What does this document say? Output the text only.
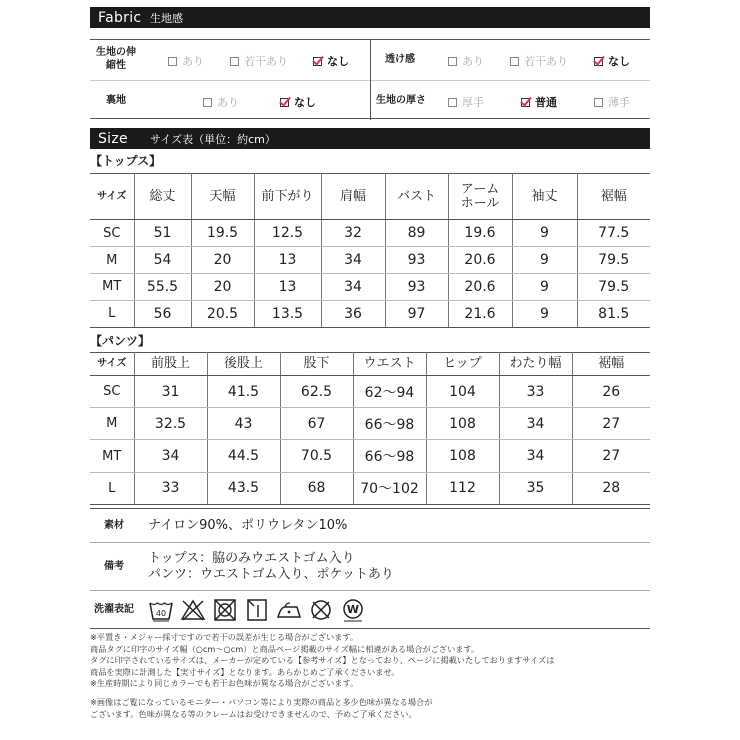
Fabric 生地感
生地の伸縮性	あり	若干あり	なし	透け感	あり	若干あり	なし
裏地	あり	なし	生地の厚さ	厚手	普通	薄手
Size	サイズ表（単位：約cm）
【トップス】
サイズ	総丈	天幅	前下がり	肩幅	バスト	アームホール	袖丈	裾幅
SC	51	19.5	12.5	32	89	19.6	9	77.5
M	54	20	13	34	93	20.6	9	79.5
MT	55.5	20	13	34	93	20.6	9	79.5
L	56	20.5	13.5	36	97	21.6	9	81.5
【パンツ】
サイズ	前股上	後股上	股下	ウエスト	ヒップ	わたり幅	裾幅
SC	31	41.5	62.5	62〜94	104	33	26
M	32.5	43	67	66〜98	108	34	27
MT	34	44.5	70.5	66〜98	108	34	27
L	33	43.5	68	70〜102	112	35	28
素材	ナイロン90%、ポリウレタン10%
備考
トップス：脇のみウエストゴム入り
パンツ：ウエストゴム入り、ポケットあり
洗濯表記	40	W

※平置き・メジャー採寸ですので若干の誤差が生じる場合がございます。

商品タグに印字のサイズ幅（○cm〜○cm）と商品ページ掲載のサイズ幅に相違がある場合がございます。

タグに印字されているサイズは、メーカーが定めている【参考サイズ】となっており、ページに掲載いたしておりますサイズは

商品を実際に計測した【実寸サイズ】となります。あらかじめご了承くださいませ。

※生産時期により同じカラーでも若干お色味が異なる場合がございます。

※画像はご覧になっているモニター・パソコン等により実際の商品と多少色味が異なる場合が

ございます。色味が異なる等のクレームはお受けできませんので、予めご了承ください。
